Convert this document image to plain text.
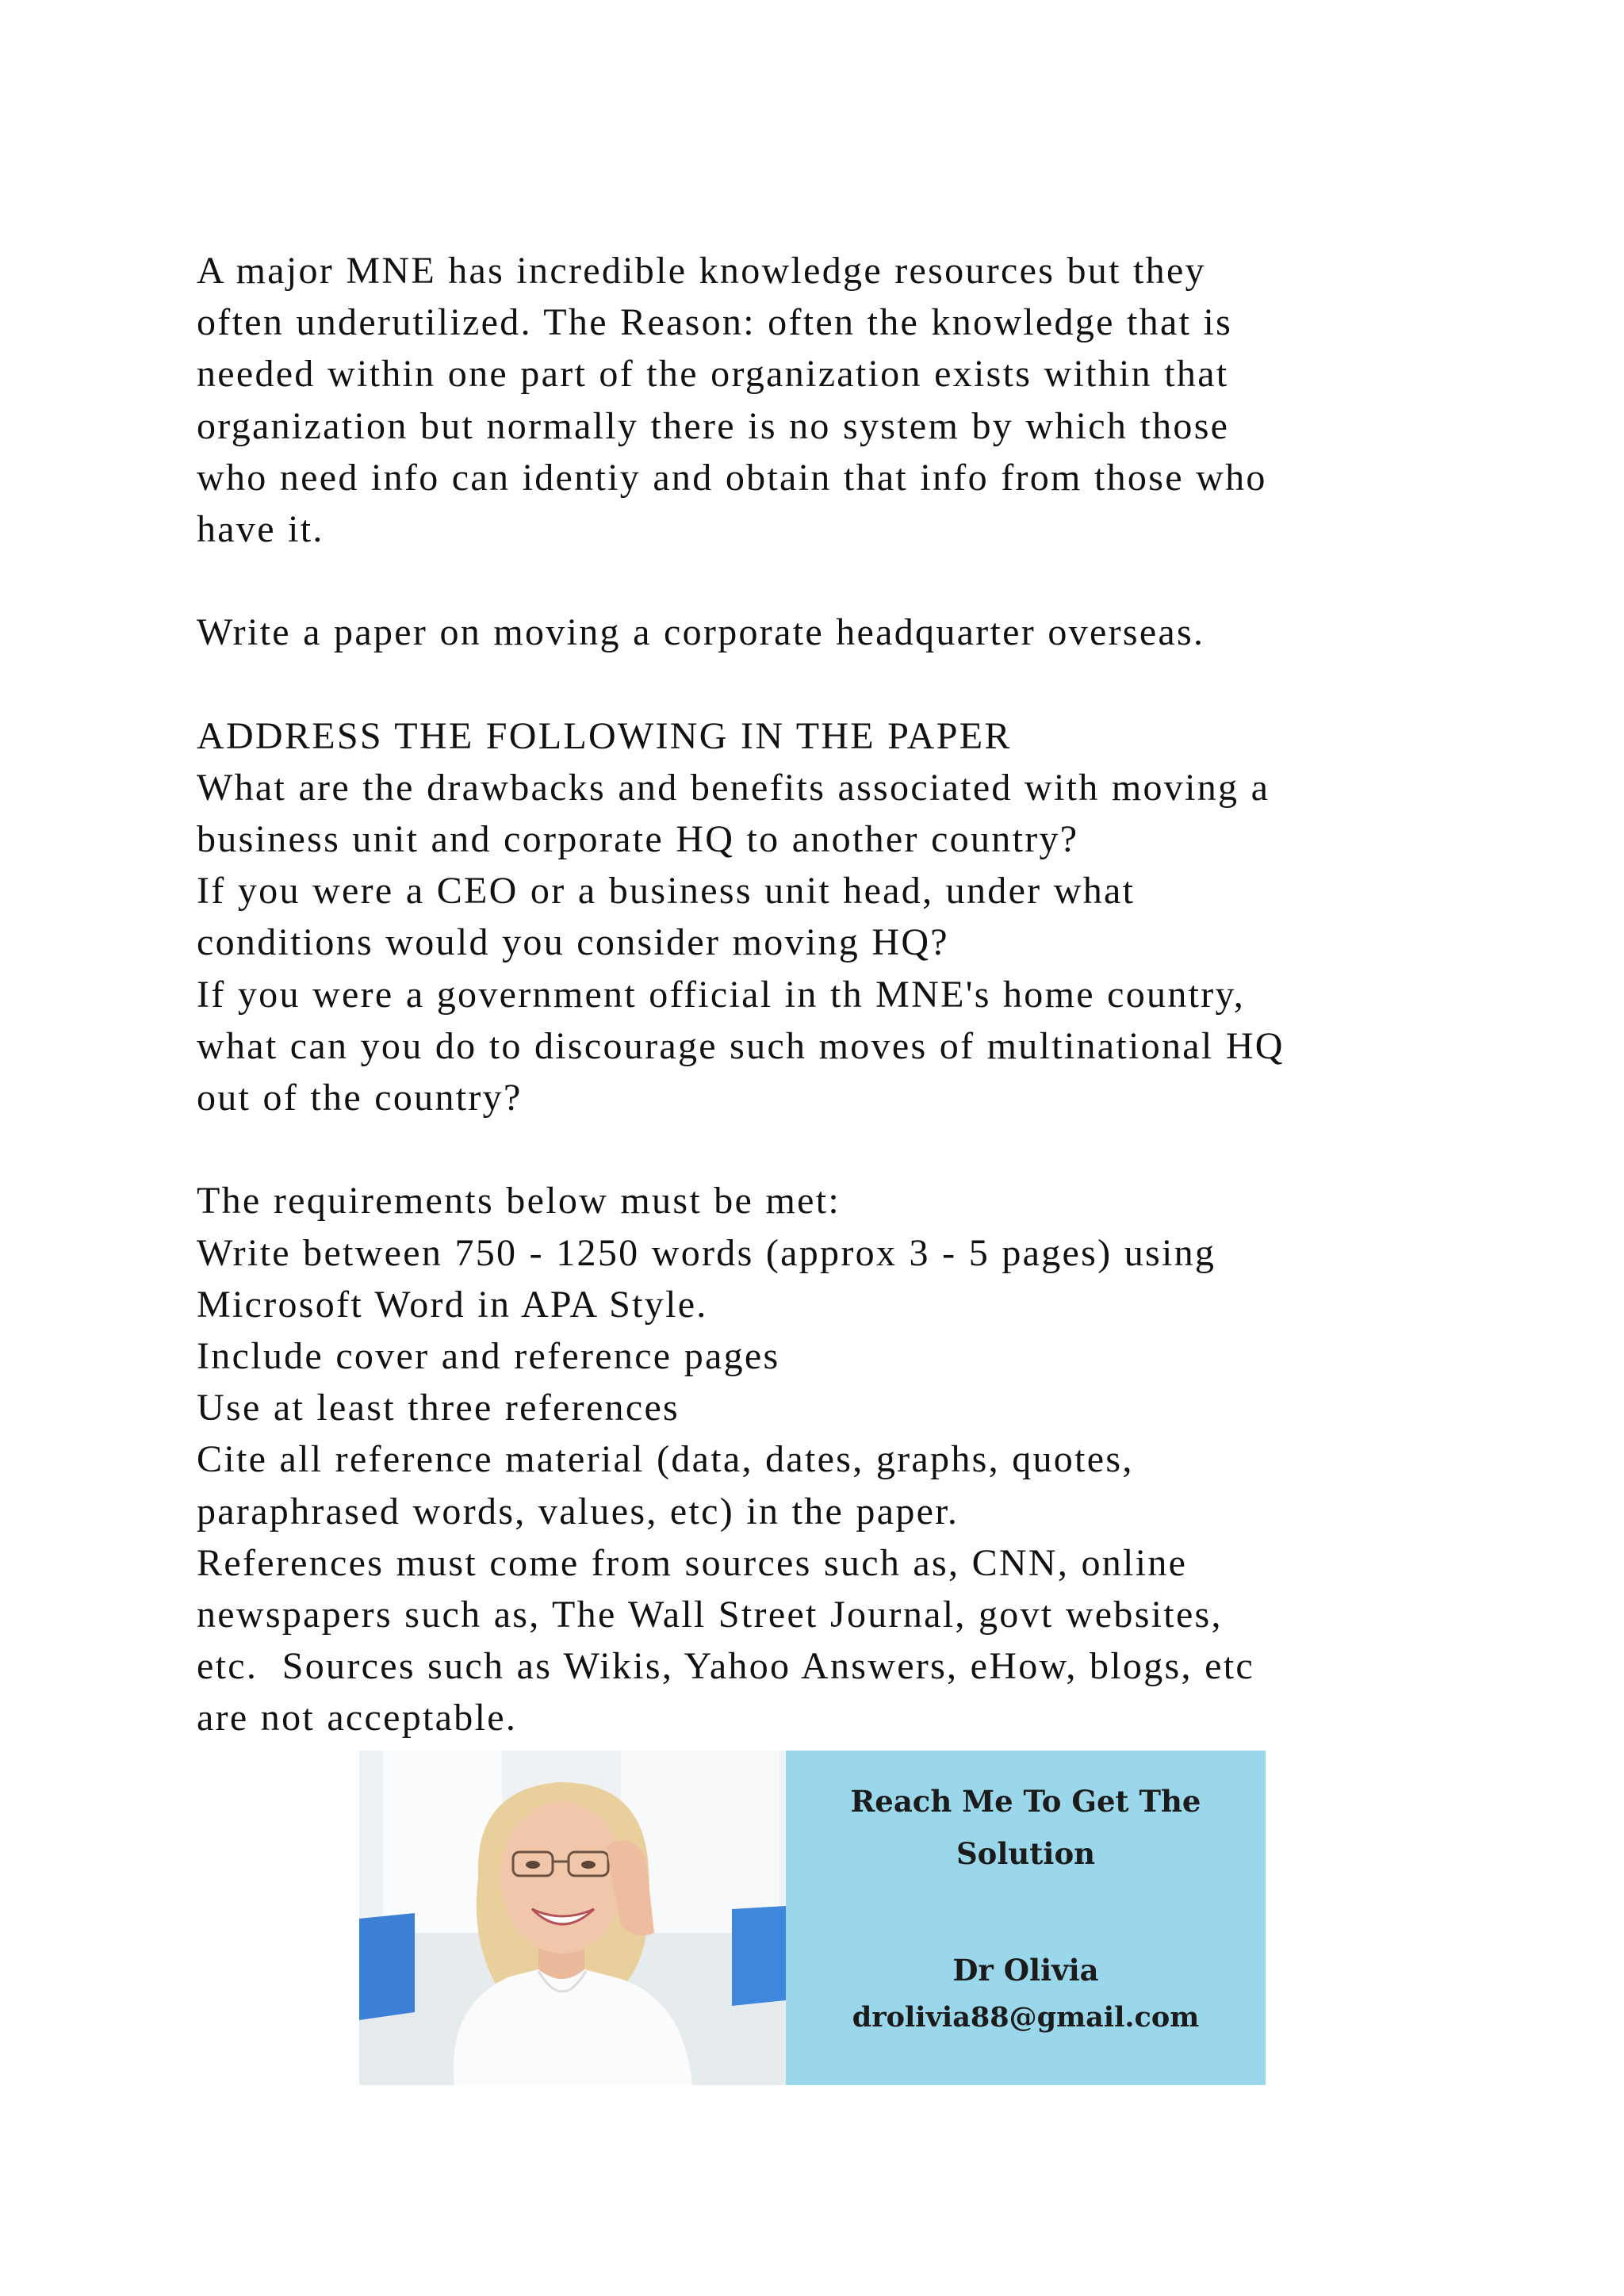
A major MNE has incredible knowledge resources but they
often underutilized. The Reason: often the knowledge that is
needed within one part of the organization exists within that
organization but normally there is no system by which those
who need info can identiy and obtain that info from those who
have it.
Write a paper on moving a corporate headquarter overseas.
ADDRESS THE FOLLOWING IN THE PAPER
What are the drawbacks and benefits associated with moving a
business unit and corporate HQ to another country?
If you were a CEO or a business unit head, under what
conditions would you consider moving HQ?
If you were a government official in th MNE's home country,
what can you do to discourage such moves of multinational HQ
out of the country?
The requirements below must be met:
Write between 750 - 1250 words (approx 3 - 5 pages) using
Microsoft Word in APA Style.
Include cover and reference pages
Use at least three references
Cite all reference material (data, dates, graphs, quotes,
paraphrased words, values, etc) in the paper.
References must come from sources such as, CNN, online
newspapers such as, The Wall Street Journal, govt websites,
etc.  Sources such as Wikis, Yahoo Answers, eHow, blogs, etc
are not acceptable.
Reach Me To Get The
Solution
Dr Olivia
drolivia88@gmail.com
